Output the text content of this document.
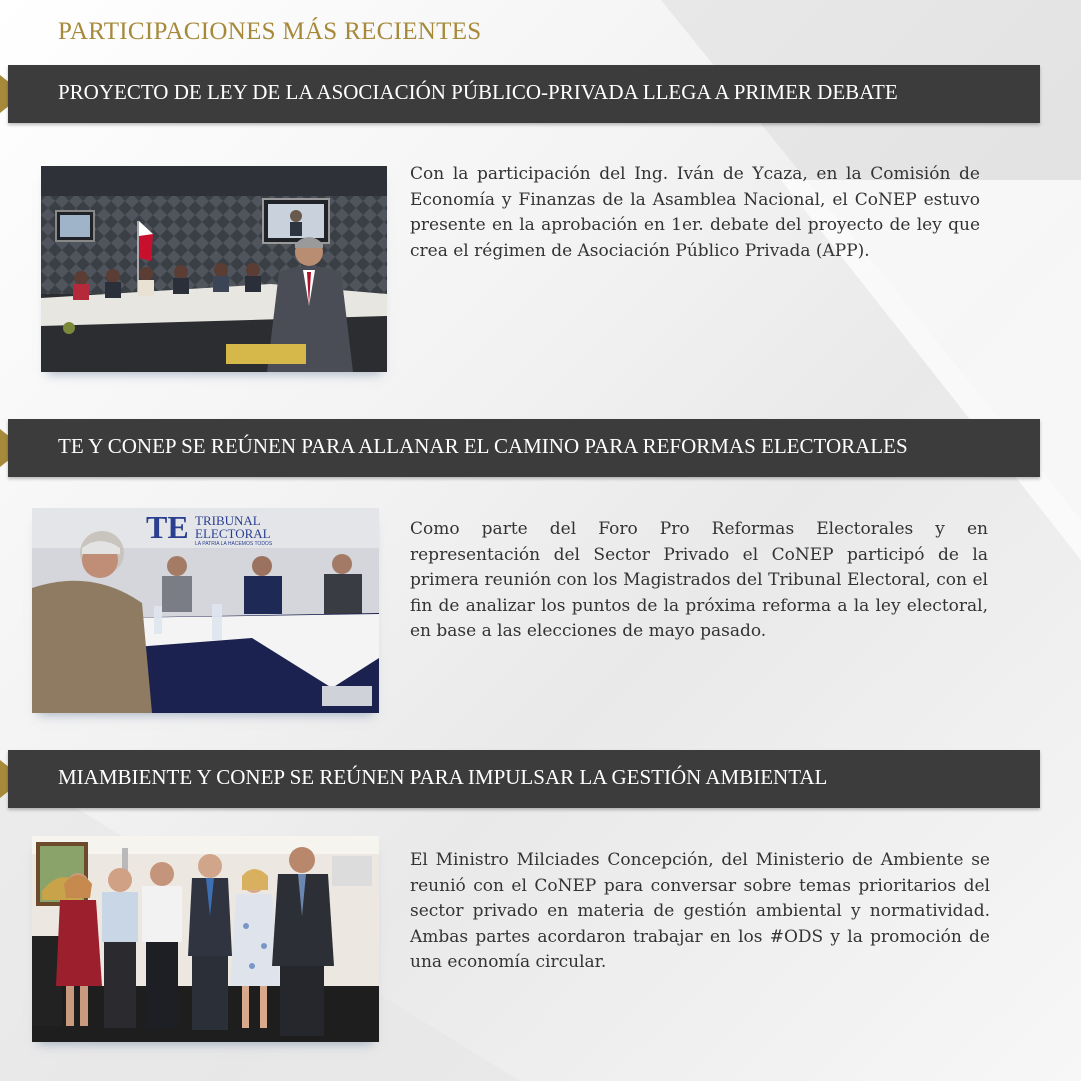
PARTICIPACIONES MÁS RECIENTES
PROYECTO DE LEY DE LA ASOCIACIÓN PÚBLICO-PRIVADA LLEGA A PRIMER DEBATE

Con la participación del Ing. Iván de Ycaza, en la Comisión de Economía y Finanzas de la Asamblea Nacional, el CoNEP estuvo presente en la aprobación en 1er. debate del proyecto de ley que crea el régimen de Asociación Público Privada (APP).

TE Y CONEP SE REÚNEN PARA ALLANAR EL CAMINO PARA REFORMAS ELECTORALES
TE TRIBUNAL
ELECTORAL
LA PATRIA LA HACEMOS TODOS

Como parte del Foro Pro Reformas Electorales y en representación del Sector Privado el CoNEP participó de la primera reunión con los Magistrados del Tribunal Electoral, con el fin de analizar los puntos de la próxima reforma a la ley electoral, en base a las elecciones de mayo pasado.

MIAMBIENTE Y CONEP SE REÚNEN PARA IMPULSAR LA GESTIÓN AMBIENTAL

El Ministro Milciades Concepción, del Ministerio de Ambiente se reunió con el CoNEP para conversar sobre temas prioritarios del sector privado en materia de gestión ambiental y normatividad. Ambas partes acordaron trabajar en los #ODS y la promoción de una economía circular.
